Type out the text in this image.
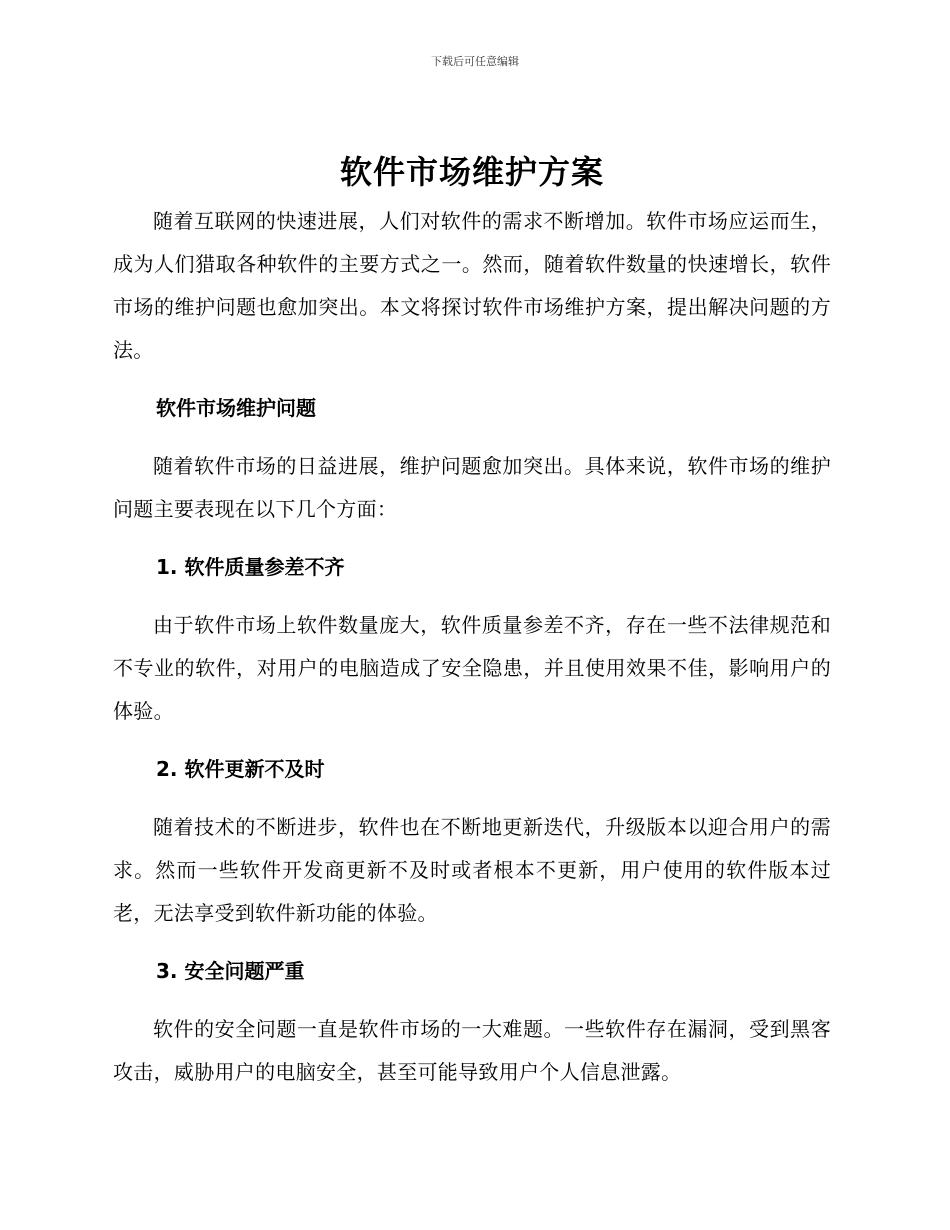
下载后可任意编辑
软件市场维护方案

随着互联网的快速进展，人们对软件的需求不断增加。软件市场应运而生，成为人们猎取各种软件的主要方式之一。然而，随着软件数量的快速增长，软件市场的维护问题也愈加突出。本文将探讨软件市场维护方案，提出解决问题的方法。

软件市场维护问题

随着软件市场的日益进展，维护问题愈加突出。具体来说，软件市场的维护问题主要表现在以下几个方面：

1. 软件质量参差不齐

由于软件市场上软件数量庞大，软件质量参差不齐，存在一些不法律规范和不专业的软件，对用户的电脑造成了安全隐患，并且使用效果不佳，影响用户的体验。

2. 软件更新不及时

随着技术的不断进步，软件也在不断地更新迭代，升级版本以迎合用户的需求。然而一些软件开发商更新不及时或者根本不更新，用户使用的软件版本过老，无法享受到软件新功能的体验。

3. 安全问题严重

软件的安全问题一直是软件市场的一大难题。一些软件存在漏洞，受到黑客攻击，威胁用户的电脑安全，甚至可能导致用户个人信息泄露。
